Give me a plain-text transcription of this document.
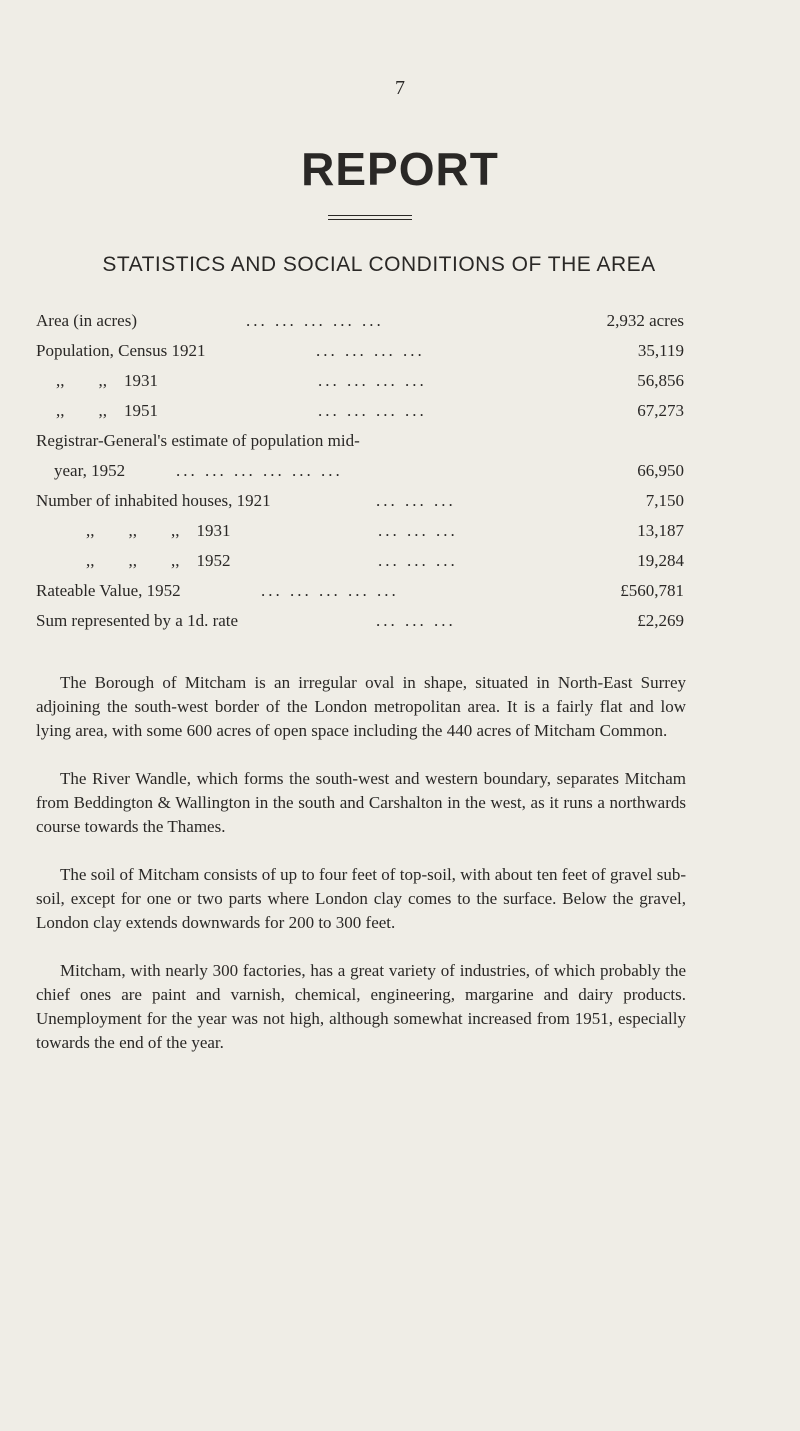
7
REPORT
STATISTICS AND SOCIAL CONDITIONS OF THE AREA
Area (in acres)	... ... ... ... ...	2,932 acres
Population, Census 1921	... ... ... ...	35,119
,,        ,,    1931	... ... ... ...	56,856
,,        ,,    1951	... ... ... ...	67,273
Registrar-General's estimate of population mid-
year, 1952	... ... ... ... ... ...	66,950
Number of inhabited houses, 1921	... ... ...	7,150
,,        ,,        ,,    1931	... ... ...	13,187
,,        ,,        ,,    1952	... ... ...	19,284
Rateable Value, 1952	... ... ... ... ...	£560,781
Sum represented by a 1d. rate	... ... ...	£2,269

The Borough of Mitcham is an irregular oval in shape, situated in North-East Surrey adjoining the south-west border of the London metropolitan area. It is a fairly flat and low lying area, with some 600 acres of open space including the 440 acres of Mitcham Common.

The River Wandle, which forms the south-west and western boundary, separates Mitcham from Beddington & Wallington in the south and Carshalton in the west, as it runs a northwards course towards the Thames.

The soil of Mitcham consists of up to four feet of top-soil, with about ten feet of gravel sub-soil, except for one or two parts where London clay comes to the surface. Below the gravel, London clay extends downwards for 200 to 300 feet.

Mitcham, with nearly 300 factories, has a great variety of industries, of which probably the chief ones are paint and varnish, chemical, engineering, margarine and dairy products. Unemployment for the year was not high, although somewhat increased from 1951, especially towards the end of the year.
